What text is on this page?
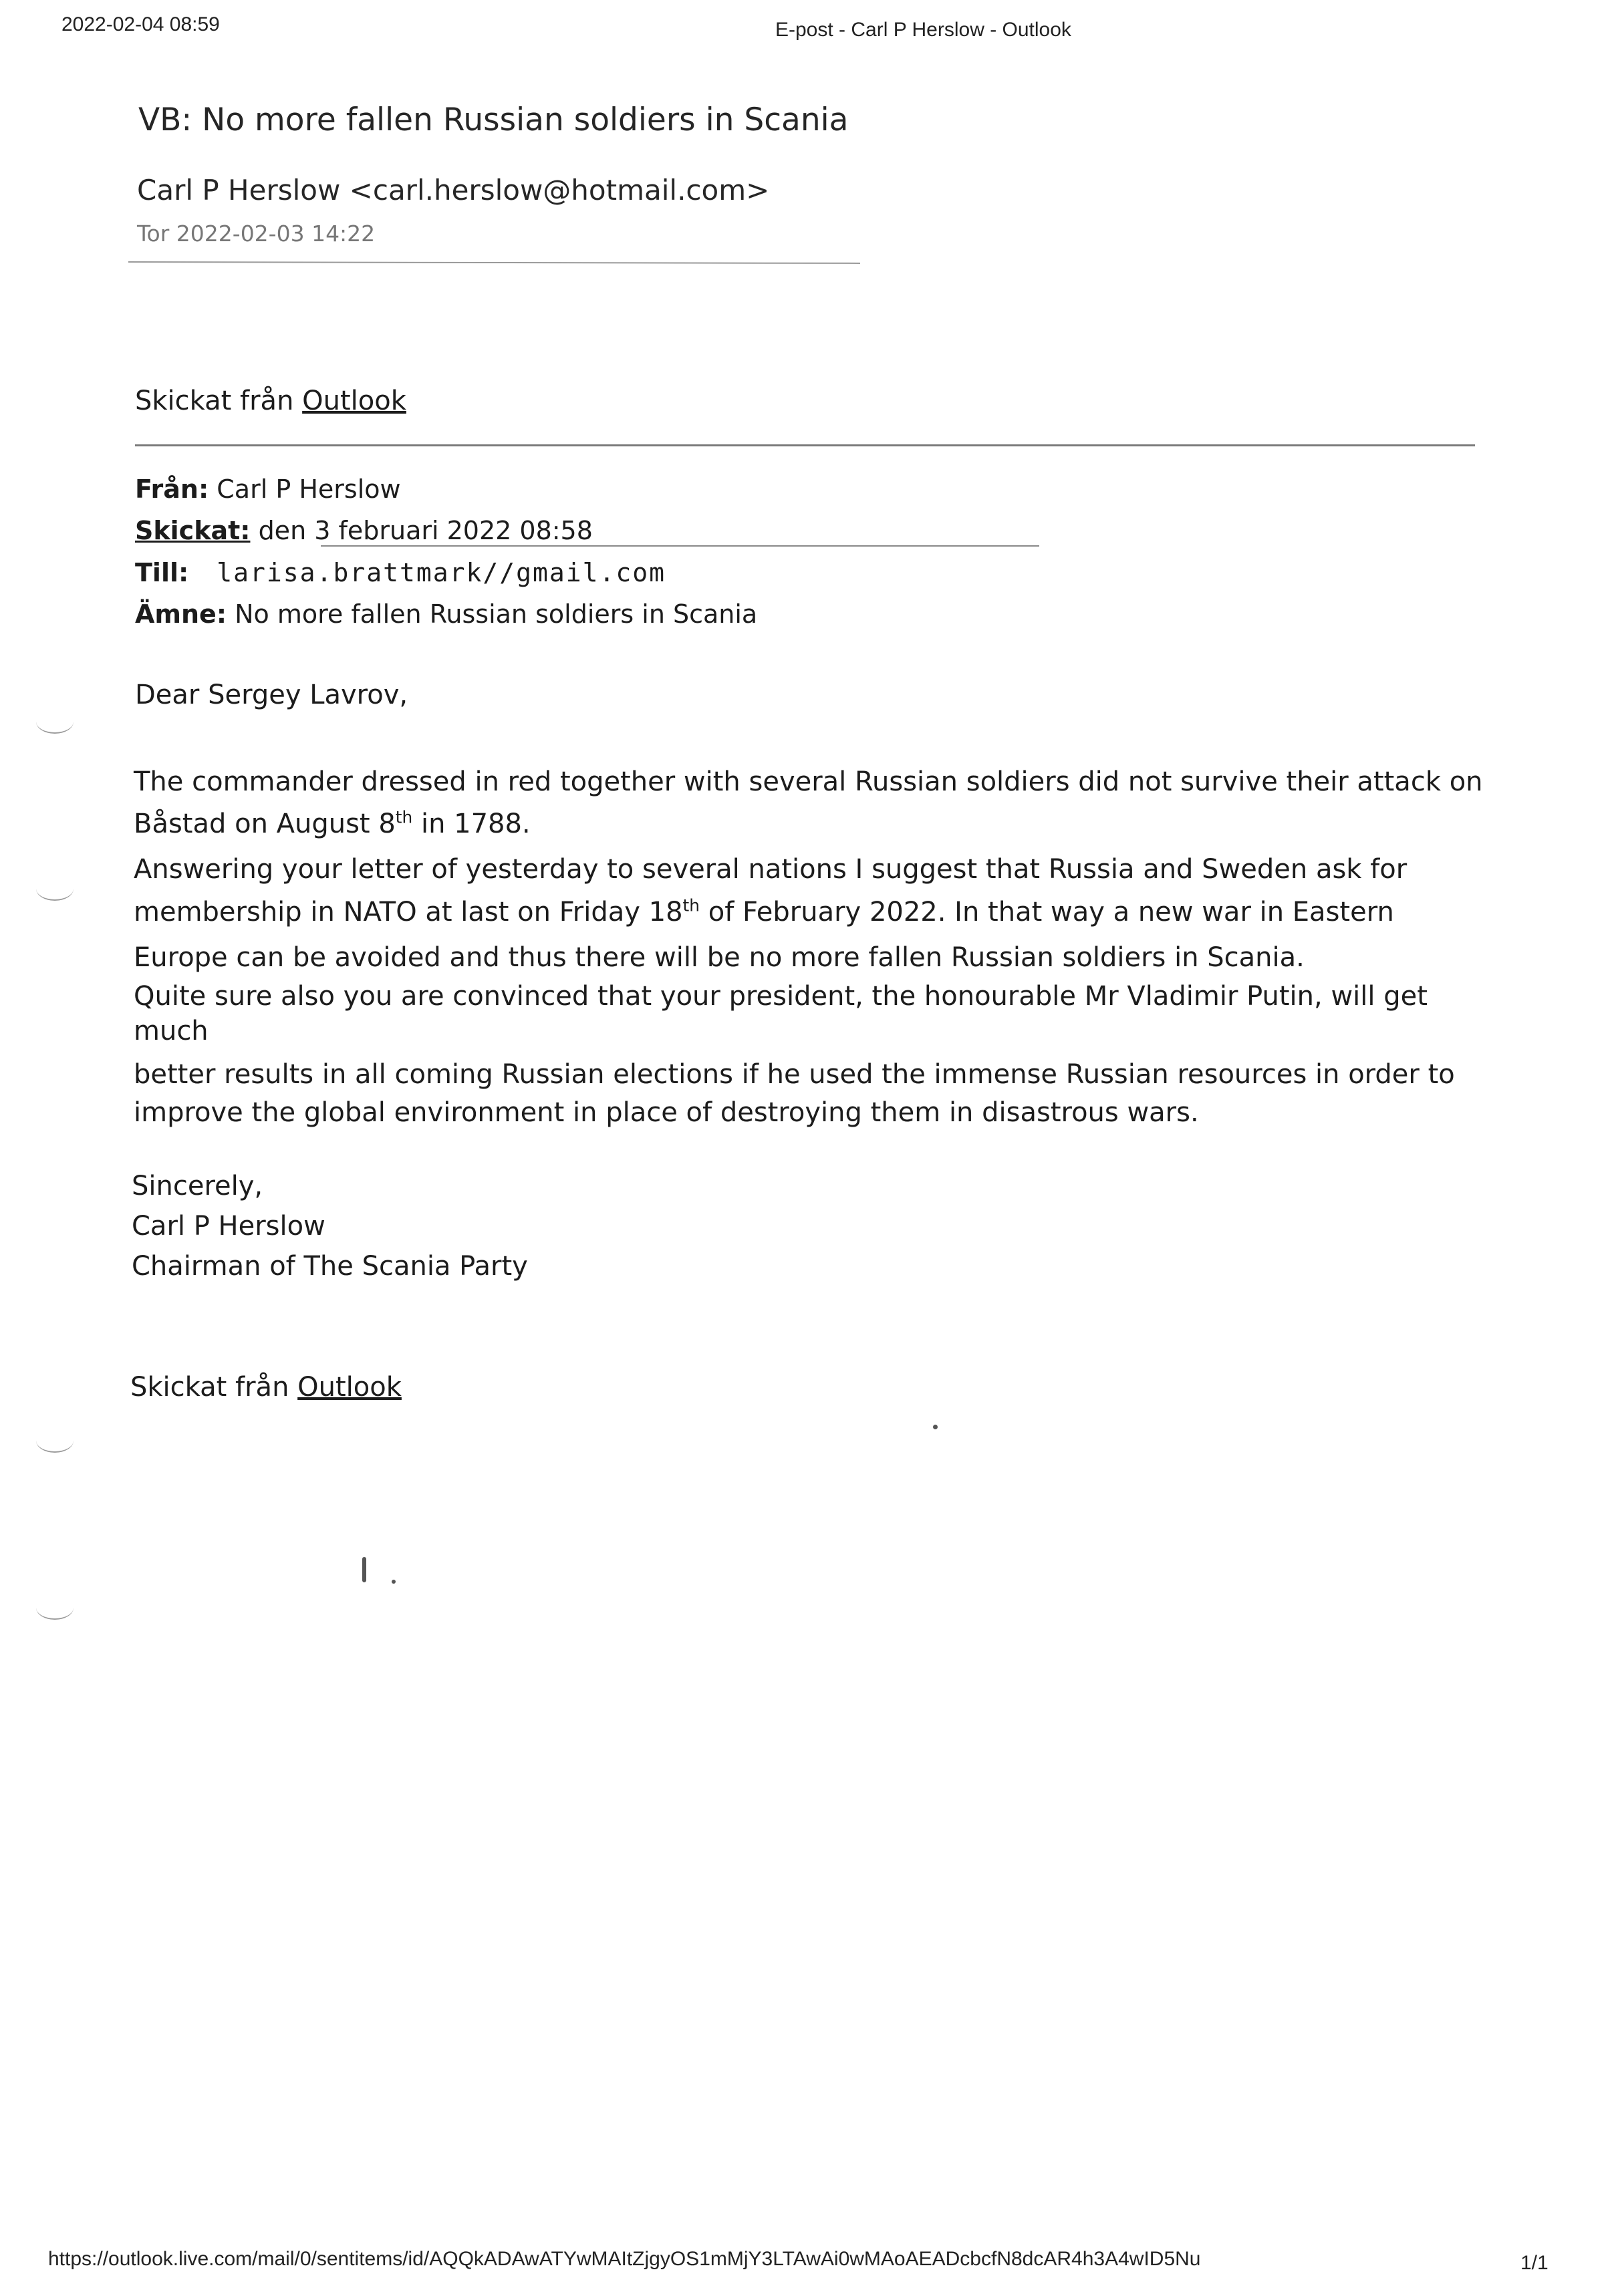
2022-02-04 08:59	E-post - Carl P Herslow - Outlook
VB: No more fallen Russian soldiers in Scania
Carl P Herslow <carl.herslow@hotmail.com>
Tor 2022-02-03 14:22
Skickat från Outlook
Från: Carl P Herslow
Skickat: den 3 februari 2022 08:58
Till: larisa.brattmark//gmail.com
Ämne: No more fallen Russian soldiers in Scania
Dear Sergey Lavrov,
The commander dressed in red together with several Russian soldiers did not survive their attack on
Båstad on August 8th in 1788.
Answering your letter of yesterday to several nations I suggest that Russia and Sweden ask for
membership in NATO at last on Friday 18th of February 2022. In that way a new war in Eastern
Europe can be avoided and thus there will be no more fallen Russian soldiers in Scania.
Quite sure also you are convinced that your president, the honourable Mr Vladimir Putin, will get
much
better results in all coming Russian elections if he used the immense Russian resources in order to
improve the global environment in place of destroying them in disastrous wars.
Sincerely,
Carl P Herslow
Chairman of The Scania Party
Skickat från Outlook
https://outlook.live.com/mail/0/sentitems/id/AQQkADAwATYwMAItZjgyOS1mMjY3LTAwAi0wMAoAEADcbcfN8dcAR4h3A4wID5Nu	1/1
